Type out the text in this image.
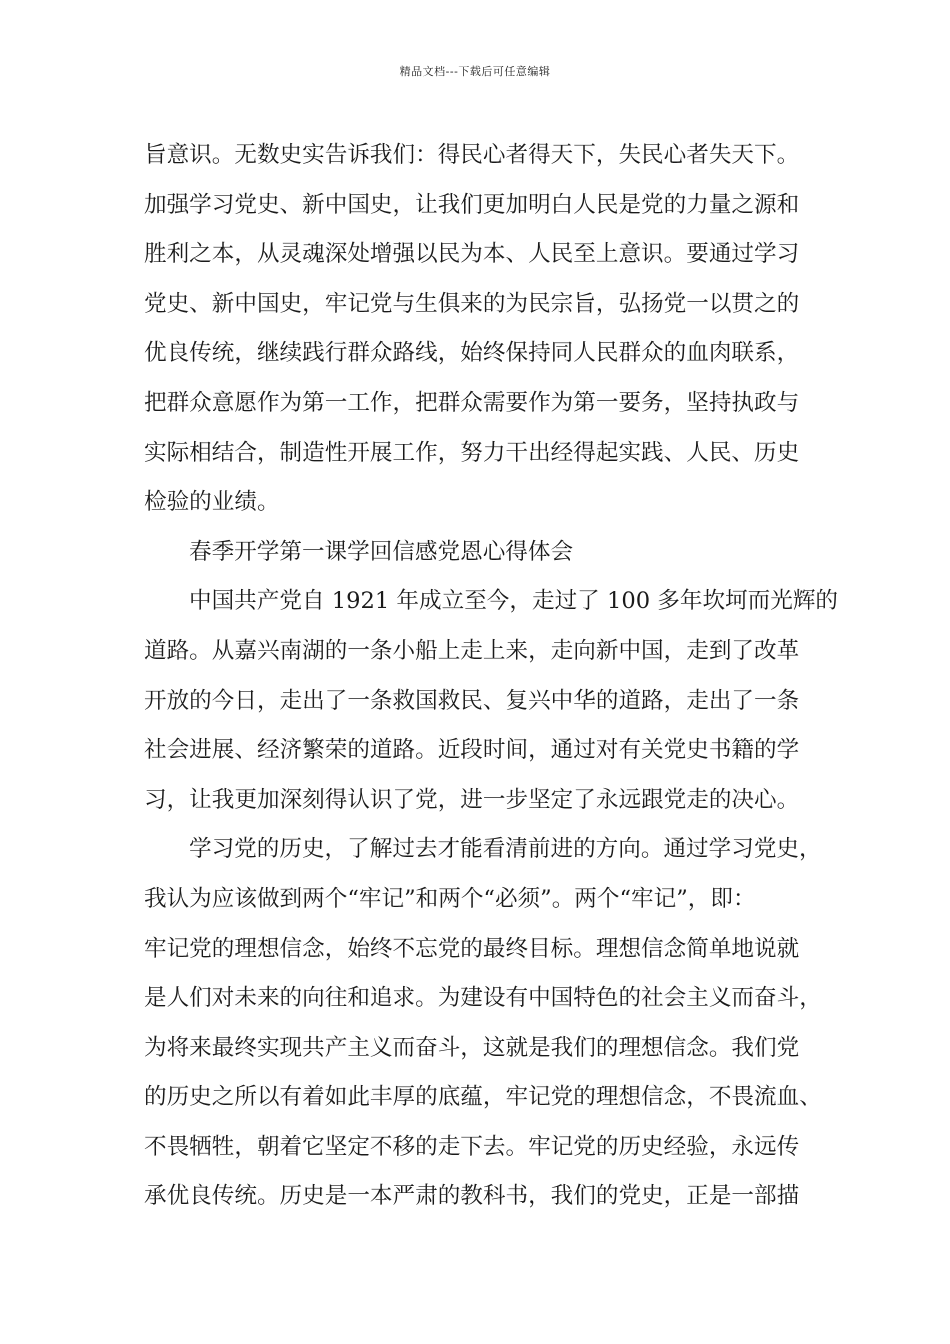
精品文档---下载后可任意编辑
旨意识。无数史实告诉我们：得民心者得天下，失民心者失天下。
加强学习党史、新中国史，让我们更加明白人民是党的力量之源和
胜利之本，从灵魂深处增强以民为本、人民至上意识。要通过学习
党史、新中国史，牢记党与生俱来的为民宗旨，弘扬党一以贯之的
优良传统，继续践行群众路线，始终保持同人民群众的血肉联系，
把群众意愿作为第一工作，把群众需要作为第一要务，坚持执政与
实际相结合，制造性开展工作，努力干出经得起实践、人民、历史
检验的业绩。
春季开学第一课学回信感党恩心得体会
中国共产党自 1921 年成立至今，走过了 100 多年坎坷而光辉的
道路。从嘉兴南湖的一条小船上走上来，走向新中国，走到了改革
开放的今日，走出了一条救国救民、复兴中华的道路，走出了一条
社会进展、经济繁荣的道路。近段时间，通过对有关党史书籍的学
习，让我更加深刻得认识了党，进一步坚定了永远跟党走的决心。
学习党的历史，了解过去才能看清前进的方向。通过学习党史，
我认为应该做到两个“牢记”和两个“必须”。两个“牢记”，即：
牢记党的理想信念，始终不忘党的最终目标。理想信念简单地说就
是人们对未来的向往和追求。为建设有中国特色的社会主义而奋斗，
为将来最终实现共产主义而奋斗，这就是我们的理想信念。我们党
的历史之所以有着如此丰厚的底蕴，牢记党的理想信念，不畏流血、
不畏牺牲，朝着它坚定不移的走下去。牢记党的历史经验，永远传
承优良传统。历史是一本严肃的教科书，我们的党史，正是一部描
